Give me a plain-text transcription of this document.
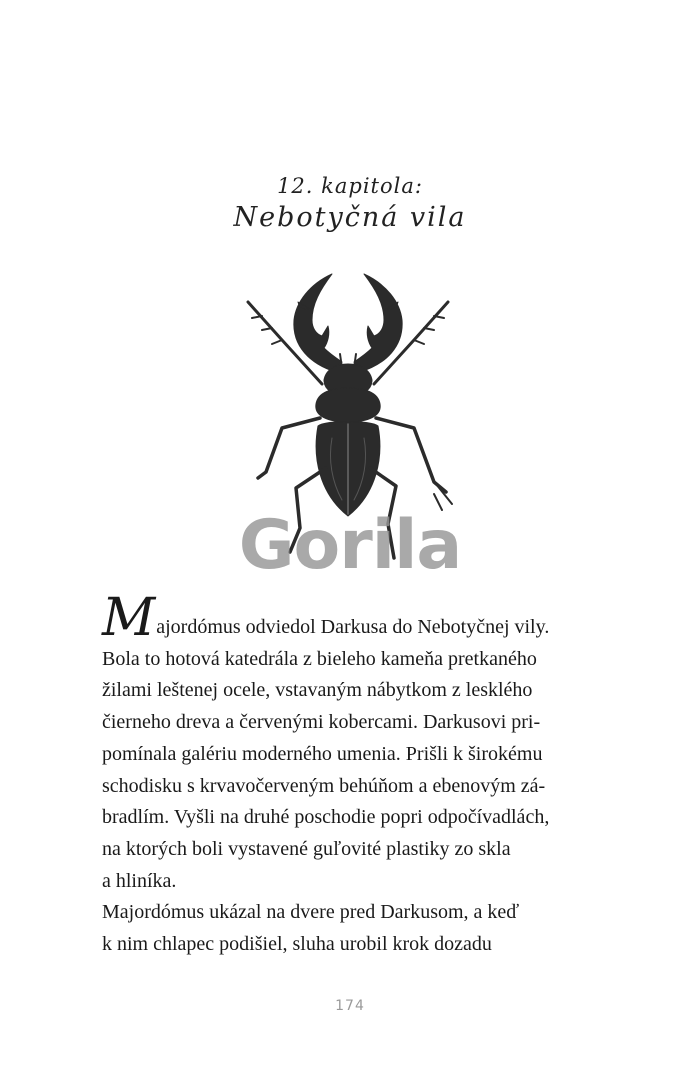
12. kapitola:
Nebotyčná vila
Gorila
Majordómus odviedol Darkusa do Nebotyčnej vily.
Bola to hotová katedrála z bieleho kameňa pretkaného
žilami leštenej ocele, vstavaným nábytkom z lesklého
čierneho dreva a červenými kobercami. Darkusovi pri-
pomínala galériu moderného umenia. Prišli k širokému
schodisku s krvavočerveným behúňom a ebenovým zá-
bradlím. Vyšli na druhé poschodie popri odpočívadlách,
na ktorých boli vystavené guľovité plastiky zo skla
a hliníka.
Majordómus ukázal na dvere pred Darkusom, a keď
k nim chlapec podišiel, sluha urobil krok dozadu
174
